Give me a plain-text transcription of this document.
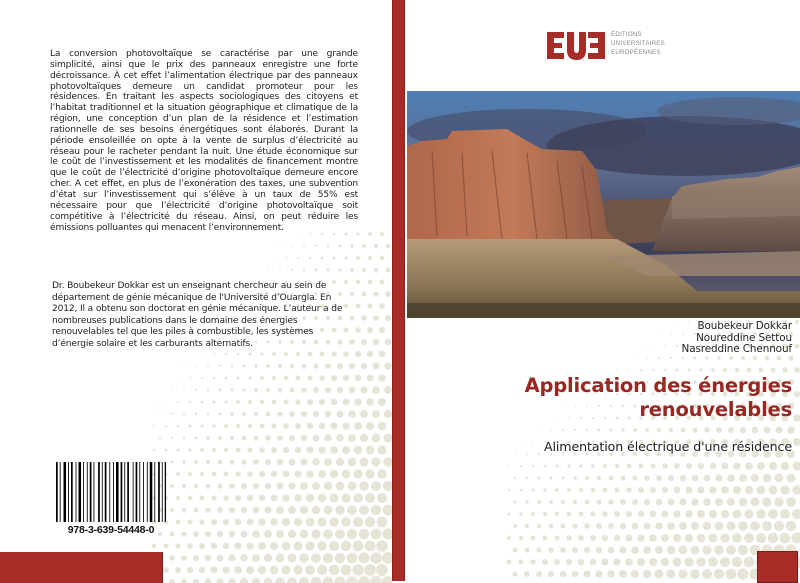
La conversion photovoltaïque se caractérise par une grande simplicité, ainsi que le prix des panneaux enregistre une forte décroissance. À cet effet l’alimentation électrique par des panneaux photovoltaïques demeure un candidat promoteur pour les résidences. En traitant les aspects sociologiques des citoyens et l’habitat traditionnel et la situation géographique et climatique de la région, une conception d’un plan de la résidence et l’estimation rationnelle de ses besoins énergétiques sont élaborés. Durant la période ensoleillée on opte à la vente de surplus d’électricité au réseau pour le racheter pendant la nuit. Une étude économique sur le coût de l’investissement et les modalités de financement montre que le coût de l’électricité d’origine photovoltaïque demeure encore cher. A cet effet, en plus de l’exonération des taxes, une subvention d’état sur l’investissement qui s’élève à un taux de 55% est nécessaire pour que l’électricité d’origine photovoltaïque soit compétitive à l’électricité du réseau. Ainsi, on peut réduire les émissions polluantes qui menacent l’environnement.

Dr. Boubekeur Dokkar est un enseignant chercheur au sein de département de génie mécanique de l'Université d’Ouargla. En 2012, Il a obtenu son doctorat en génie mécanique. L’auteur a de nombreuses publications dans le domaine des énergies renouvelables tel que les piles à combustible, les systèmes d’énergie solaire et les carburants alternatifs.

978-3-639-54448-0
ÉDITIONS
UNIVERSITAIRES
EUROPÉENNES
Boubekeur Dokkar
Noureddine Settou
Nasreddine Chennouf
Application des énergies
renouvelables
Alimentation électrique d'une résidence
